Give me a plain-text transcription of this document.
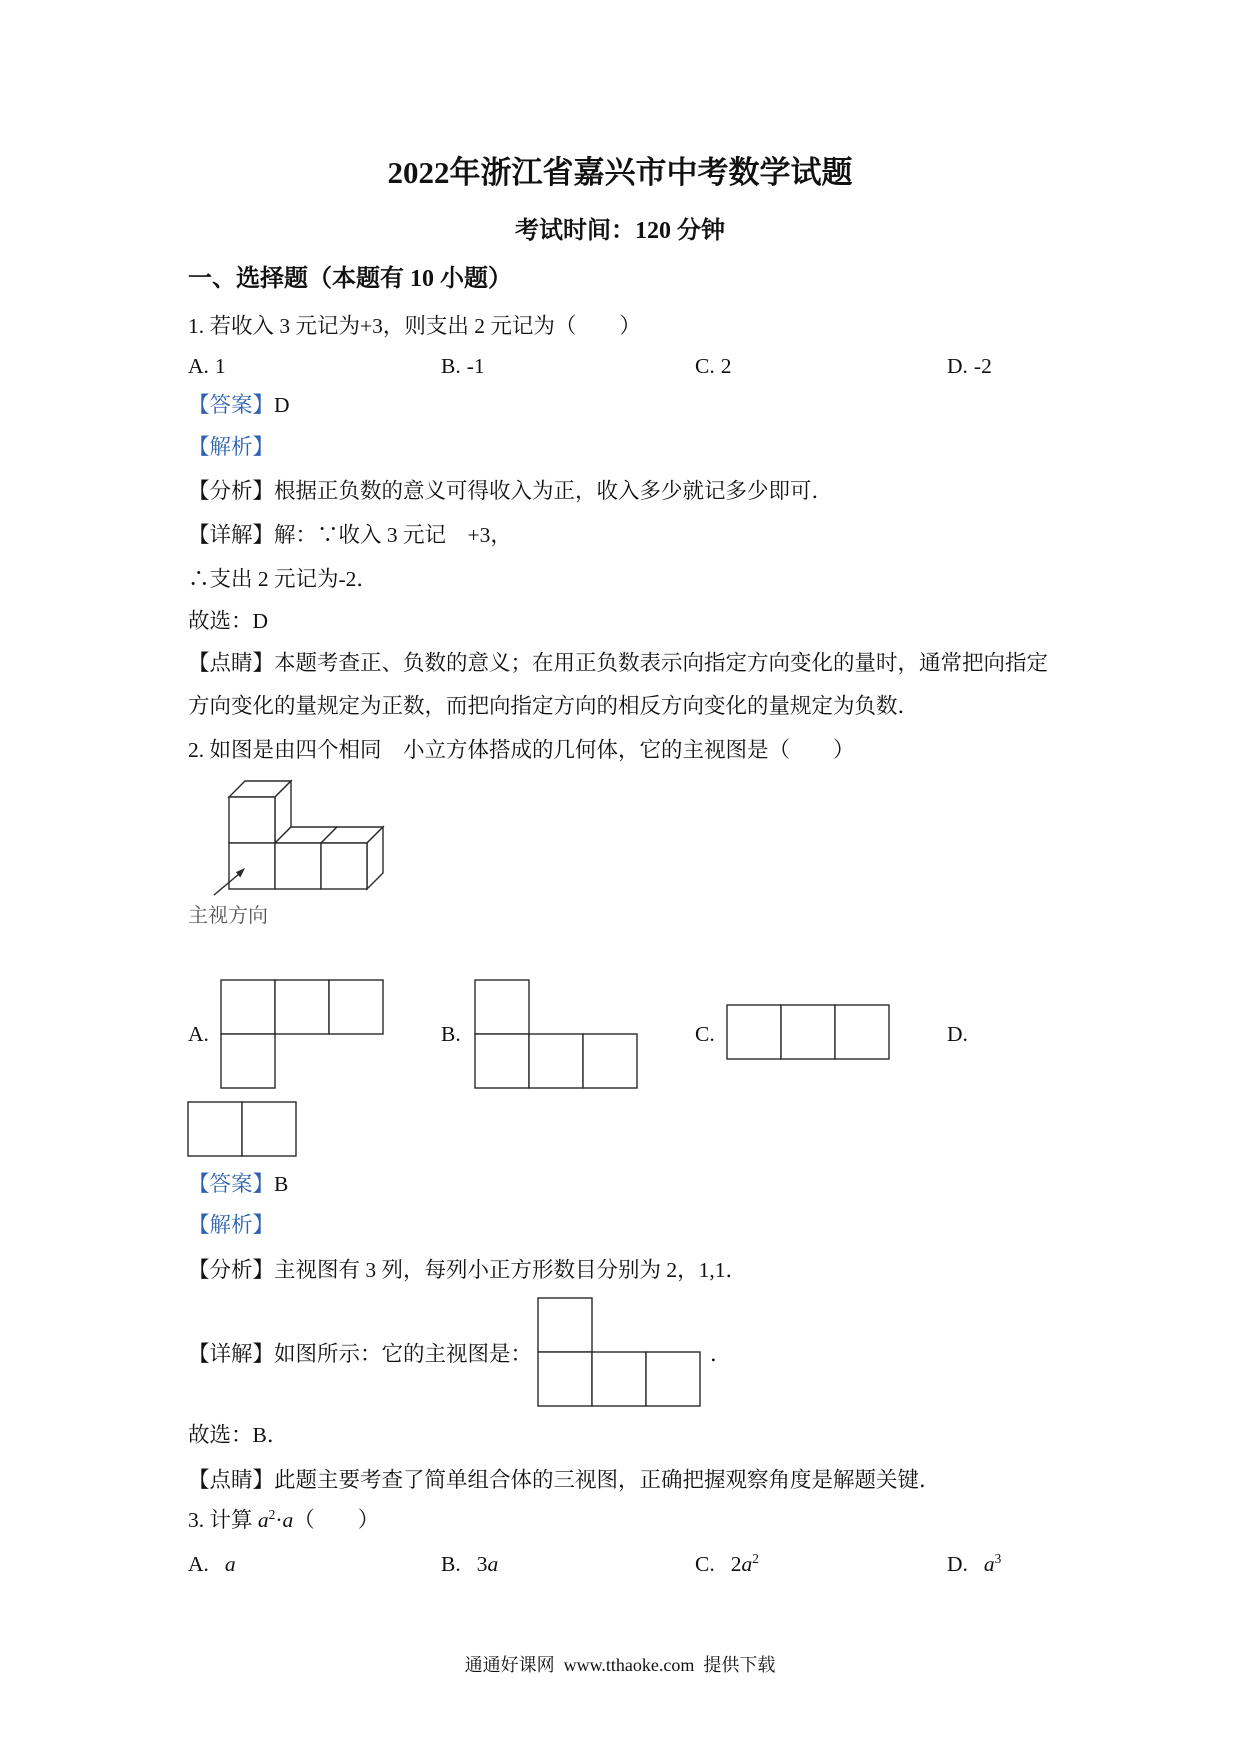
2022年浙江省嘉兴市中考数学试题
考试时间：120 分钟
一、选择题（本题有 10 小题）
1. 若收入 3 元记为+3，则支出 2 元记为（　　）
A. 1	B. -1	C. 2	D. -2
【答案】D
【解析】
【分析】根据正负数的意义可得收入为正，收入多少就记多少即可．
【详解】解：∵收入 3 元记　+3，
∴支出 2 元记为-2．
故选：D
【点睛】本题考查正、负数的意义；在用正负数表示向指定方向变化的量时，通常把向指定
方向变化的量规定为正数，而把向指定方向的相反方向变化的量规定为负数．
2. 如图是由四个相同　小立方体搭成的几何体，它的主视图是（　　）
主视方向
A.	B.	C.	D.
【答案】B
【解析】
【分析】主视图有 3 列，每列小正方形数目分别为 2，1,1．
【详解】如图所示：它的主视图是：	．
故选：B．
【点睛】此题主要考查了简单组合体的三视图，正确把握观察角度是解题关键．
3. 计算 $a^2\cdot a$（　　）
A. a	B. 3a	C. $2a^2$	D. $a^3$
通通好课网  www.tthaoke.com  提供下载
